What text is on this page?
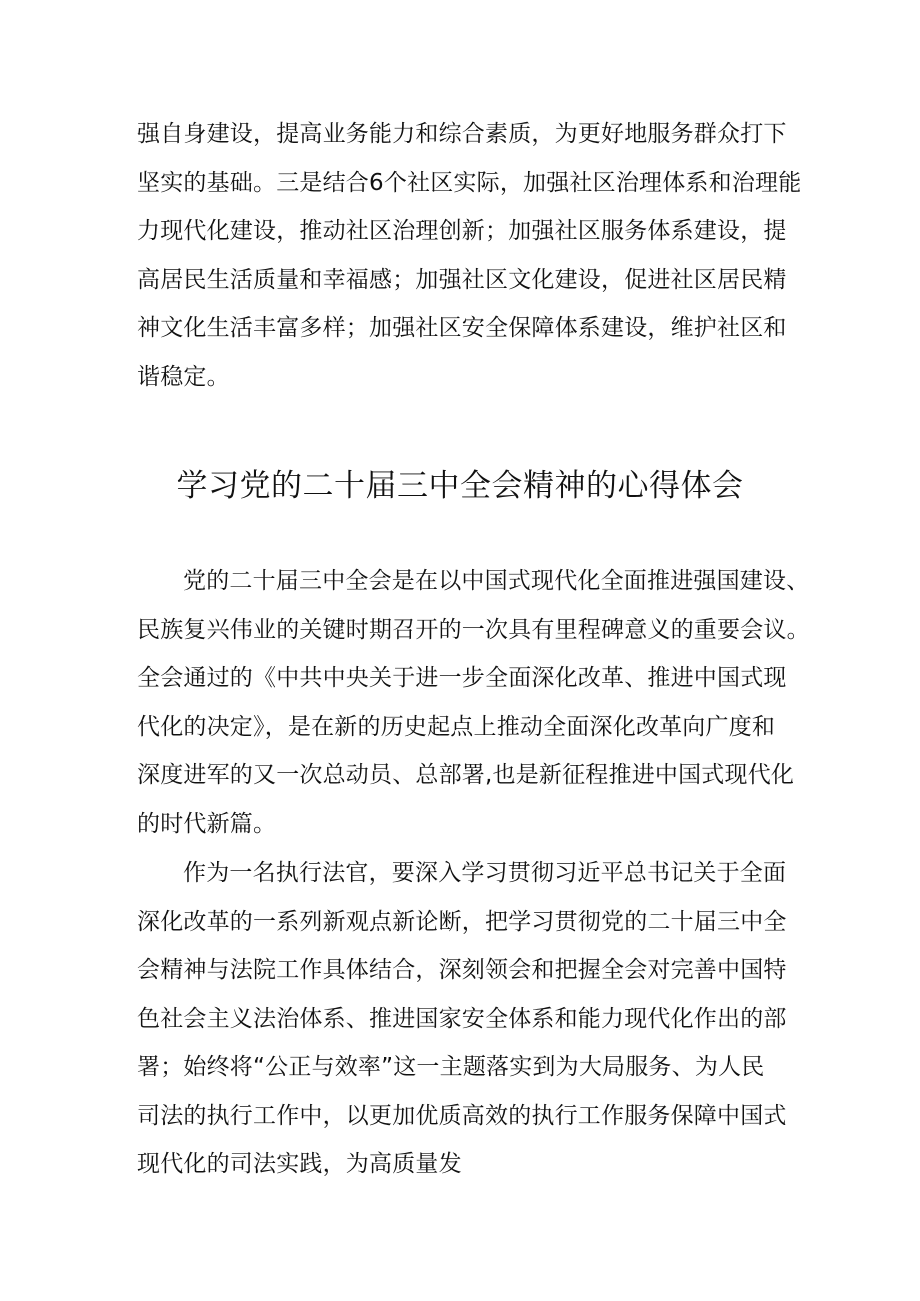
强自身建设，提高业务能力和综合素质，为更好地服务群众打下
坚实的基础。三是结合6个社区实际，加强社区治理体系和治理能
力现代化建设，推动社区治理创新；加强社区服务体系建设，提
高居民生活质量和幸福感；加强社区文化建设，促进社区居民精
神文化生活丰富多样；加强社区安全保障体系建设，维护社区和
谐稳定。
学习党的二十届三中全会精神的心得体会
党的二十届三中全会是在以中国式现代化全面推进强国建设、
民族复兴伟业的关键时期召开的一次具有里程碑意义的重要会议。
全会通过的《中共中央关于进一步全面深化改革、推进中国式现
代化的决定》，是在新的历史起点上推动全面深化改革向广度和
深度进军的又一次总动员、总部署,也是新征程推进中国式现代化
的时代新篇。
作为一名执行法官，要深入学习贯彻习近平总书记关于全面
深化改革的一系列新观点新论断，把学习贯彻党的二十届三中全
会精神与法院工作具体结合，深刻领会和把握全会对完善中国特
色社会主义法治体系、推进国家安全体系和能力现代化作出的部
署；始终将“公正与效率”这一主题落实到为大局服务、为人民
司法的执行工作中，以更加优质高效的执行工作服务保障中国式
现代化的司法实践，为高质量发
